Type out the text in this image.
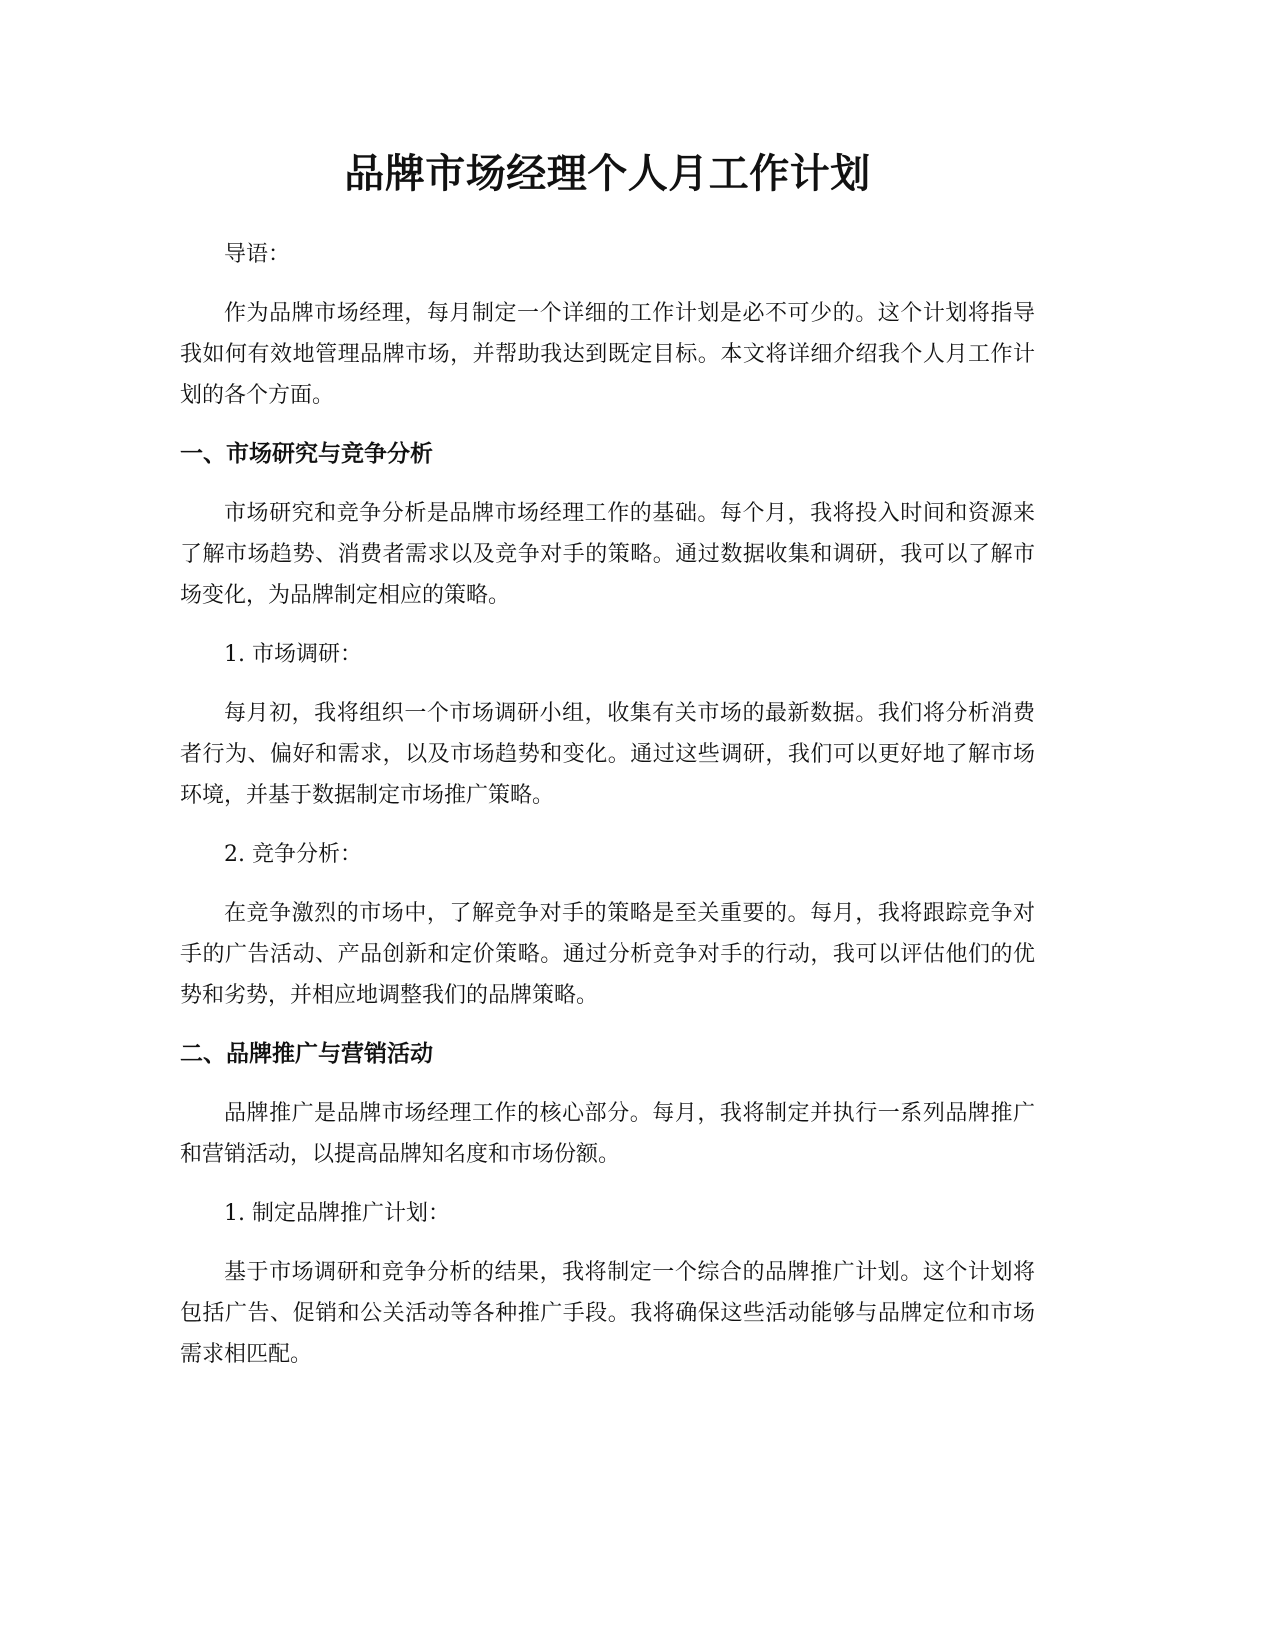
品牌市场经理个人月工作计划

导语：

作为品牌市场经理，每月制定一个详细的工作计划是必不可少的。这个计划将指导我如何有效地管理品牌市场，并帮助我达到既定目标。本文将详细介绍我个人月工作计划的各个方面。

一、市场研究与竞争分析

市场研究和竞争分析是品牌市场经理工作的基础。每个月，我将投入时间和资源来了解市场趋势、消费者需求以及竞争对手的策略。通过数据收集和调研，我可以了解市场变化，为品牌制定相应的策略。

1. 市场调研：

每月初，我将组织一个市场调研小组，收集有关市场的最新数据。我们将分析消费者行为、偏好和需求，以及市场趋势和变化。通过这些调研，我们可以更好地了解市场环境，并基于数据制定市场推广策略。

2. 竞争分析：

在竞争激烈的市场中，了解竞争对手的策略是至关重要的。每月，我将跟踪竞争对手的广告活动、产品创新和定价策略。通过分析竞争对手的行动，我可以评估他们的优势和劣势，并相应地调整我们的品牌策略。

二、品牌推广与营销活动

品牌推广是品牌市场经理工作的核心部分。每月，我将制定并执行一系列品牌推广和营销活动，以提高品牌知名度和市场份额。

1. 制定品牌推广计划：

基于市场调研和竞争分析的结果，我将制定一个综合的品牌推广计划。这个计划将包括广告、促销和公关活动等各种推广手段。我将确保这些活动能够与品牌定位和市场需求相匹配。
